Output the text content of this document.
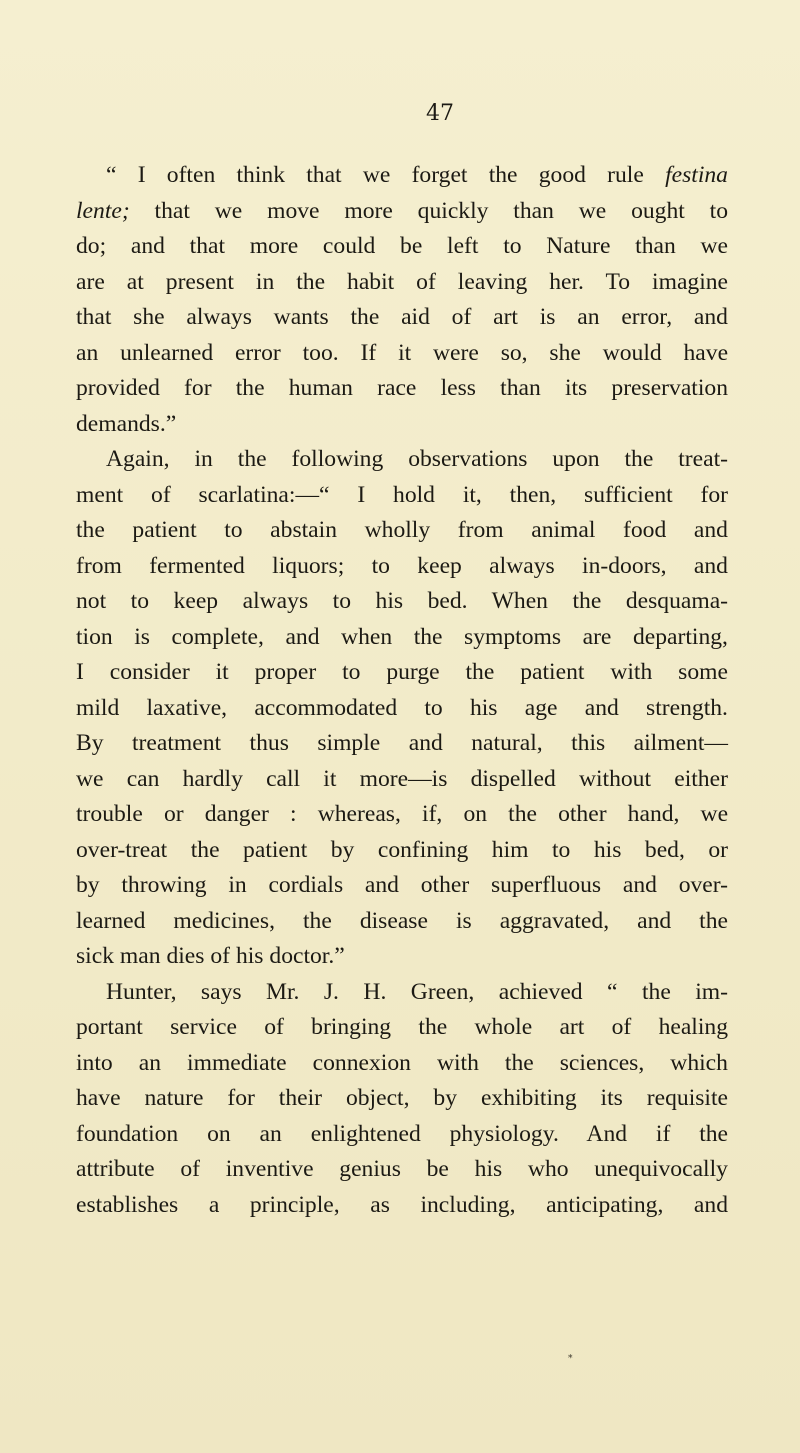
47
“ I often think that we forget the good rule festina
lente; that we move more quickly than we ought to
do; and that more could be left to Nature than we
are at present in the habit of leaving her. To imagine
that she always wants the aid of art is an error, and
an unlearned error too. If it were so, she would have
provided for the human race less than its preservation
demands.”
Again, in the following observations upon the treat-
ment of scarlatina:—“ I hold it, then, sufficient for
the patient to abstain wholly from animal food and
from fermented liquors; to keep always in-doors, and
not to keep always to his bed. When the desquama-
tion is complete, and when the symptoms are departing,
I consider it proper to purge the patient with some
mild laxative, accommodated to his age and strength.
By treatment thus simple and natural, this ailment—
we can hardly call it more—is dispelled without either
trouble or danger : whereas, if, on the other hand, we
over-treat the patient by confining him to his bed, or
by throwing in cordials and other superfluous and over-
learned medicines, the disease is aggravated, and the
sick man dies of his doctor.”
Hunter, says Mr. J. H. Green, achieved “ the im-
portant service of bringing the whole art of healing
into an immediate connexion with the sciences, which
have nature for their object, by exhibiting its requisite
foundation on an enlightened physiology. And if the
attribute of inventive genius be his who unequivocally
establishes a principle, as including, anticipating, and
*
